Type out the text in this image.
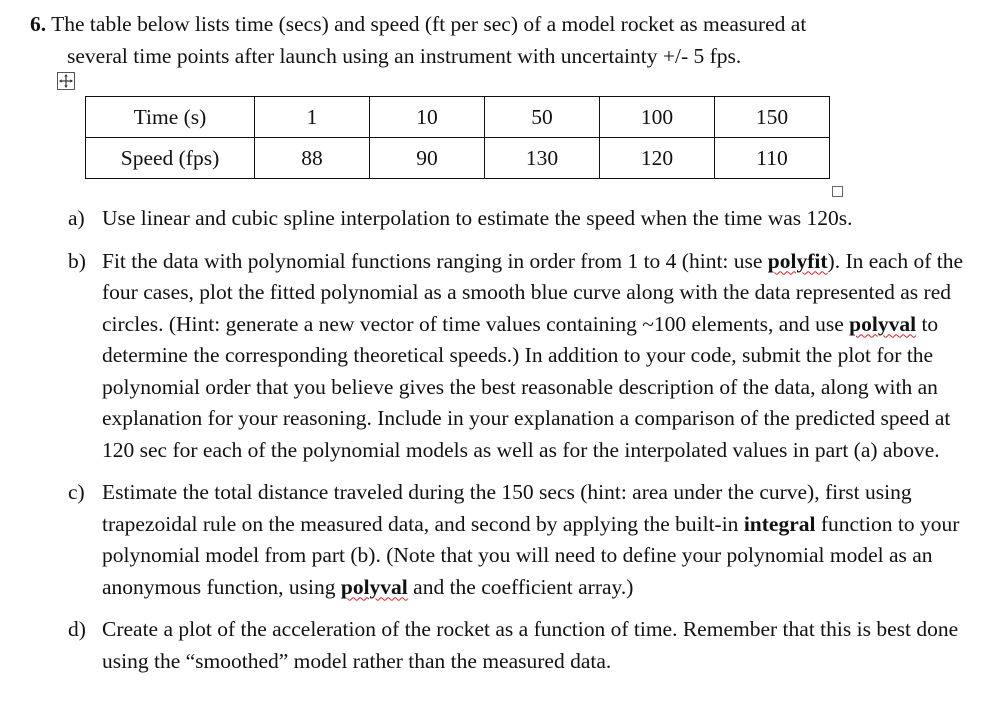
6. The table below lists time (secs) and speed (ft per sec) of a model rocket as measured at
several time points after launch using an instrument with uncertainty +/- 5 fps.
Time (s)	1	10	50	100	150
Speed (fps)	88	90	130	120	110
a) Use linear and cubic spline interpolation to estimate the speed when the time was 120s.
b) Fit the data with polynomial functions ranging in order from 1 to 4 (hint: use polyfit). In each of the four cases, plot the fitted polynomial as a smooth blue curve along with the data represented as red circles. (Hint: generate a new vector of time values containing ~100 elements, and use polyval to determine the corresponding theoretical speeds.) In addition to your code, submit the plot for the polynomial order that you believe gives the best reasonable description of the data, along with an explanation for your reasoning. Include in your explanation a comparison of the predicted speed at 120 sec for each of the polynomial models as well as for the interpolated values in part (a) above.
c) Estimate the total distance traveled during the 150 secs (hint: area under the curve), first using trapezoidal rule on the measured data, and second by applying the built-in integral function to your polynomial model from part (b). (Note that you will need to define your polynomial model as an anonymous function, using polyval and the coefficient array.)
d) Create a plot of the acceleration of the rocket as a function of time. Remember that this is best done using the “smoothed” model rather than the measured data.
